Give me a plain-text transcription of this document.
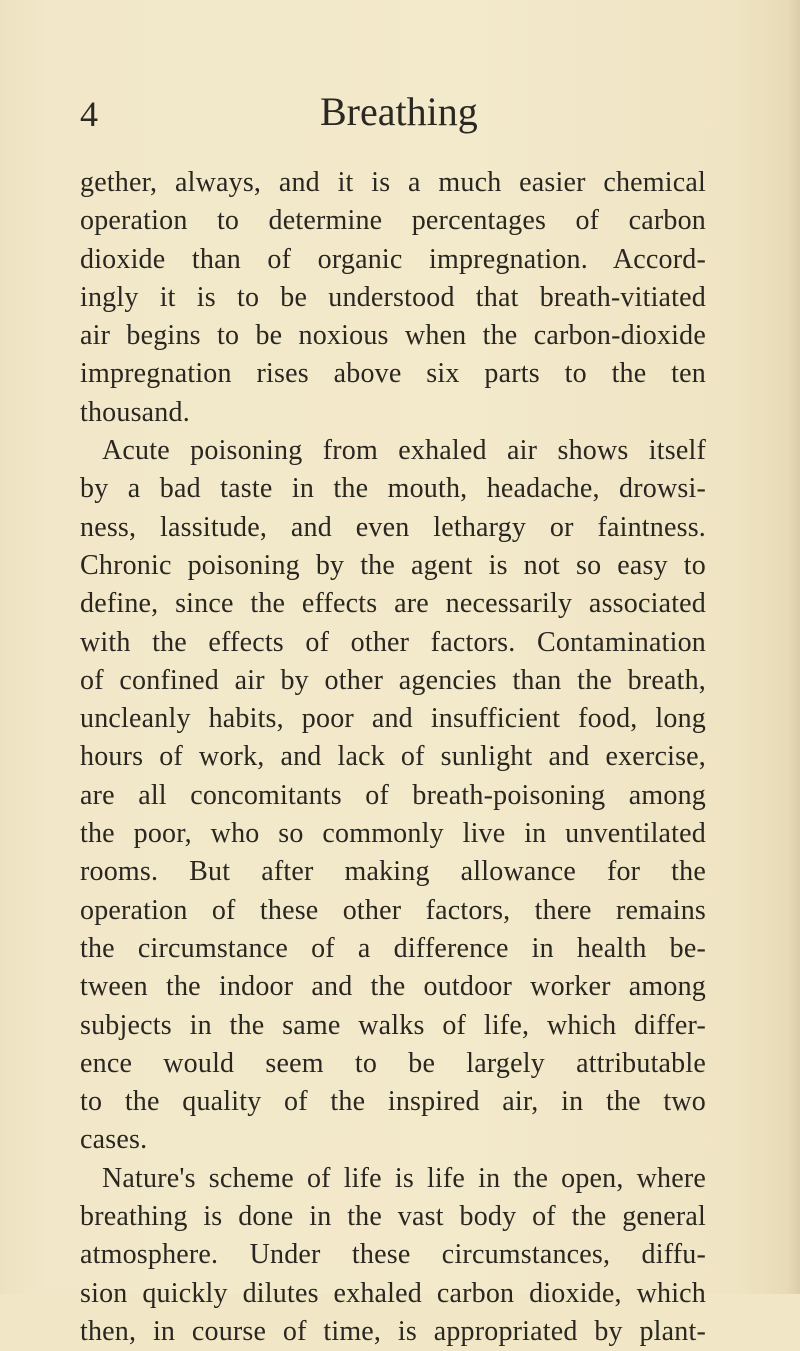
4	Breathing
gether, always, and it is a much easier chemical
operation to determine percentages of carbon
dioxide than of organic impregnation. Accord-
ingly it is to be understood that breath-vitiated
air begins to be noxious when the carbon-dioxide
impregnation rises above six parts to the ten
thousand.
Acute poisoning from exhaled air shows itself
by a bad taste in the mouth, headache, drowsi-
ness, lassitude, and even lethargy or faintness.
Chronic poisoning by the agent is not so easy to
define, since the effects are necessarily associated
with the effects of other factors. Contamination
of confined air by other agencies than the breath,
uncleanly habits, poor and insufficient food, long
hours of work, and lack of sunlight and exercise,
are all concomitants of breath-poisoning among
the poor, who so commonly live in unventilated
rooms. But after making allowance for the
operation of these other factors, there remains
the circumstance of a difference in health be-
tween the indoor and the outdoor worker among
subjects in the same walks of life, which differ-
ence would seem to be largely attributable
to the quality of the inspired air, in the two
cases.
Nature's scheme of life is life in the open, where
breathing is done in the vast body of the general
atmosphere. Under these circumstances, diffu-
sion quickly dilutes exhaled carbon dioxide, which
then, in course of time, is appropriated by plant-
